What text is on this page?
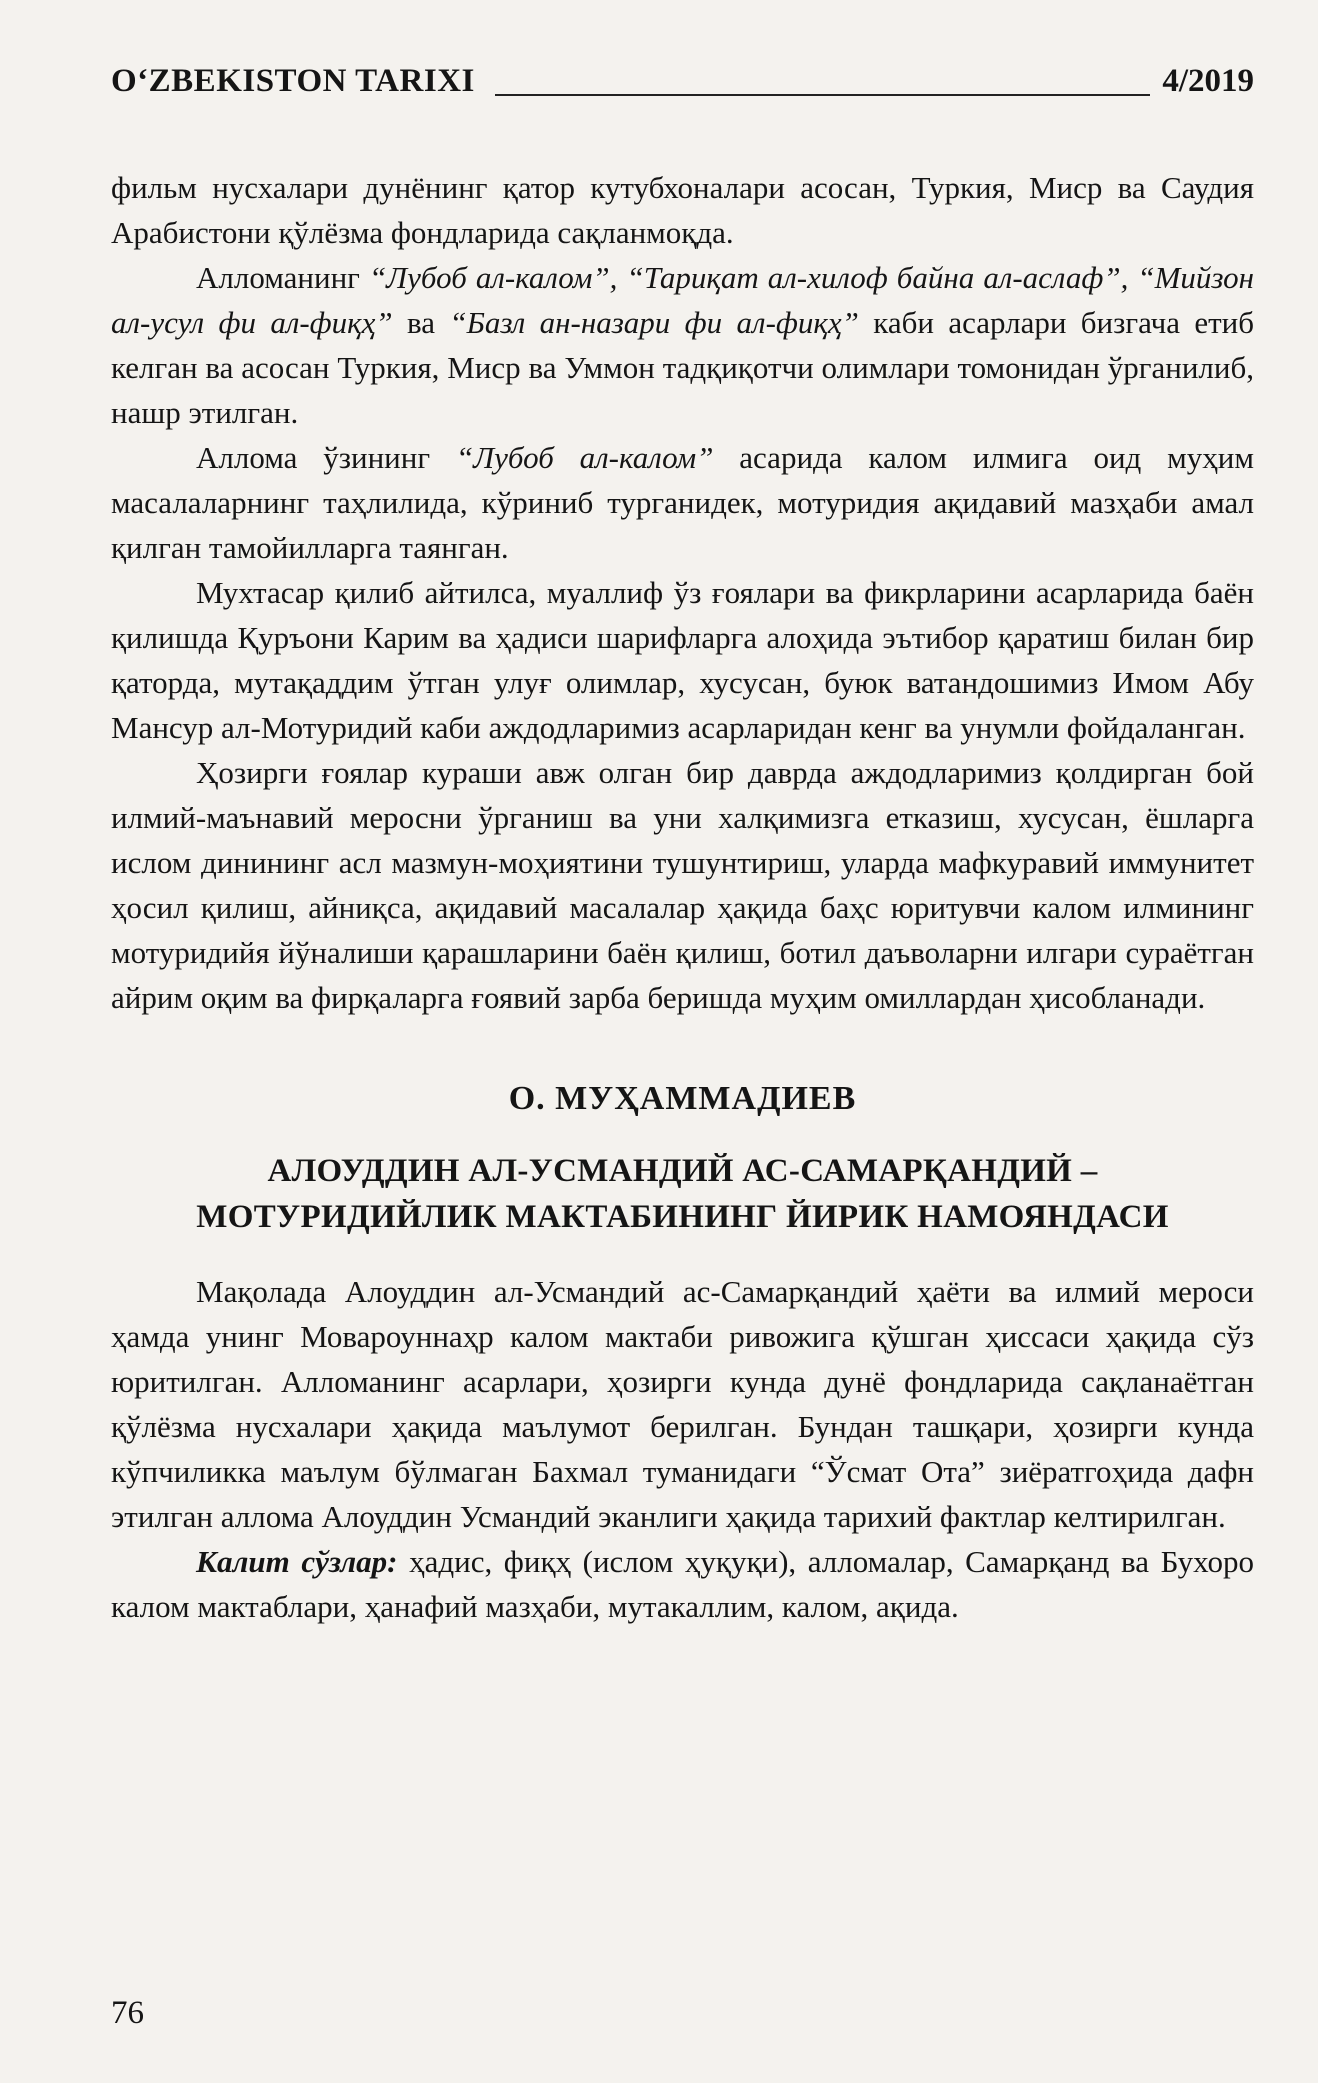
O‘ZBEKISTON TARIXI	4/2019

фильм нусхалари дунёнинг қатор кутубхоналари асосан, Туркия, Миср ва Саудия Арабистони қўлёзма фондларида сақланмоқда.

Алломанинг “Лубоб ал-калом”, “Тариқат ал-хилоф байна ал-аслаф”, “Мийзон ал-усул фи ал-фиқҳ” ва “Базл ан-назари фи ал-фиқҳ” каби асарлари бизгача етиб келган ва асосан Туркия, Миср ва Уммон тадқиқотчи олимлари томонидан ўрганилиб, нашр этилган.

Аллома ўзининг “Лубоб ал-калом” асарида калом илмига оид муҳим масалаларнинг таҳлилида, кўриниб турганидек, мотуридия ақидавий мазҳаби амал қилган тамойилларга таянган.

Мухтасар қилиб айтилса, муаллиф ўз ғоялари ва фикрларини асарларида баён қилишда Қуръони Карим ва ҳадиси шарифларга алоҳида эътибор қаратиш билан бир қаторда, мутақаддим ўтган улуғ олимлар, хусусан, буюк ватандошимиз Имом Абу Мансур ал-Мотуридий каби аждодларимиз асарларидан кенг ва унумли фойдаланган.

Ҳозирги ғоялар кураши авж олган бир даврда аждодларимиз қолдирган бой илмий-маънавий меросни ўрганиш ва уни халқимизга етказиш, хусусан, ёшларга ислом динининг асл мазмун-моҳиятини тушунтириш, уларда мафкуравий иммунитет ҳосил қилиш, айниқса, ақидавий масалалар ҳақида баҳс юритувчи калом илмининг мотуридийя йўналиши қарашларини баён қилиш, ботил даъволарни илгари сураётган айрим оқим ва фирқаларга ғоявий зарба беришда муҳим омиллардан ҳисобланади.

О. МУҲАММАДИЕВ
АЛОУДДИН АЛ-УСМАНДИЙ АС-САМАРҚАНДИЙ –
МОТУРИДИЙЛИК МАКТАБИНИНГ ЙИРИК НАМОЯНДАСИ

Мақолада Алоуддин ал-Усмандий ас-Самарқандий ҳаёти ва илмий мероси ҳамда унинг Мовароуннаҳр калом мактаби ривожига қўшган ҳиссаси ҳақида сўз юритилган. Алломанинг асарлари, ҳозирги кунда дунё фондларида сақланаётган қўлёзма нусхалари ҳақида маълумот берилган. Бундан ташқари, ҳозирги кунда кўпчиликка маълум бўлмаган Бахмал туманидаги “Ўсмат Ота” зиёратгоҳида дафн этилган аллома Алоуддин Усмандий эканлиги ҳақида тарихий фактлар келтирилган.

Калит сўзлар: ҳадис, фиқҳ (ислом ҳуқуқи), алломалар, Самарқанд ва Бухоро калом мактаблари, ҳанафий мазҳаби, мутакаллим, калом, ақида.

76
